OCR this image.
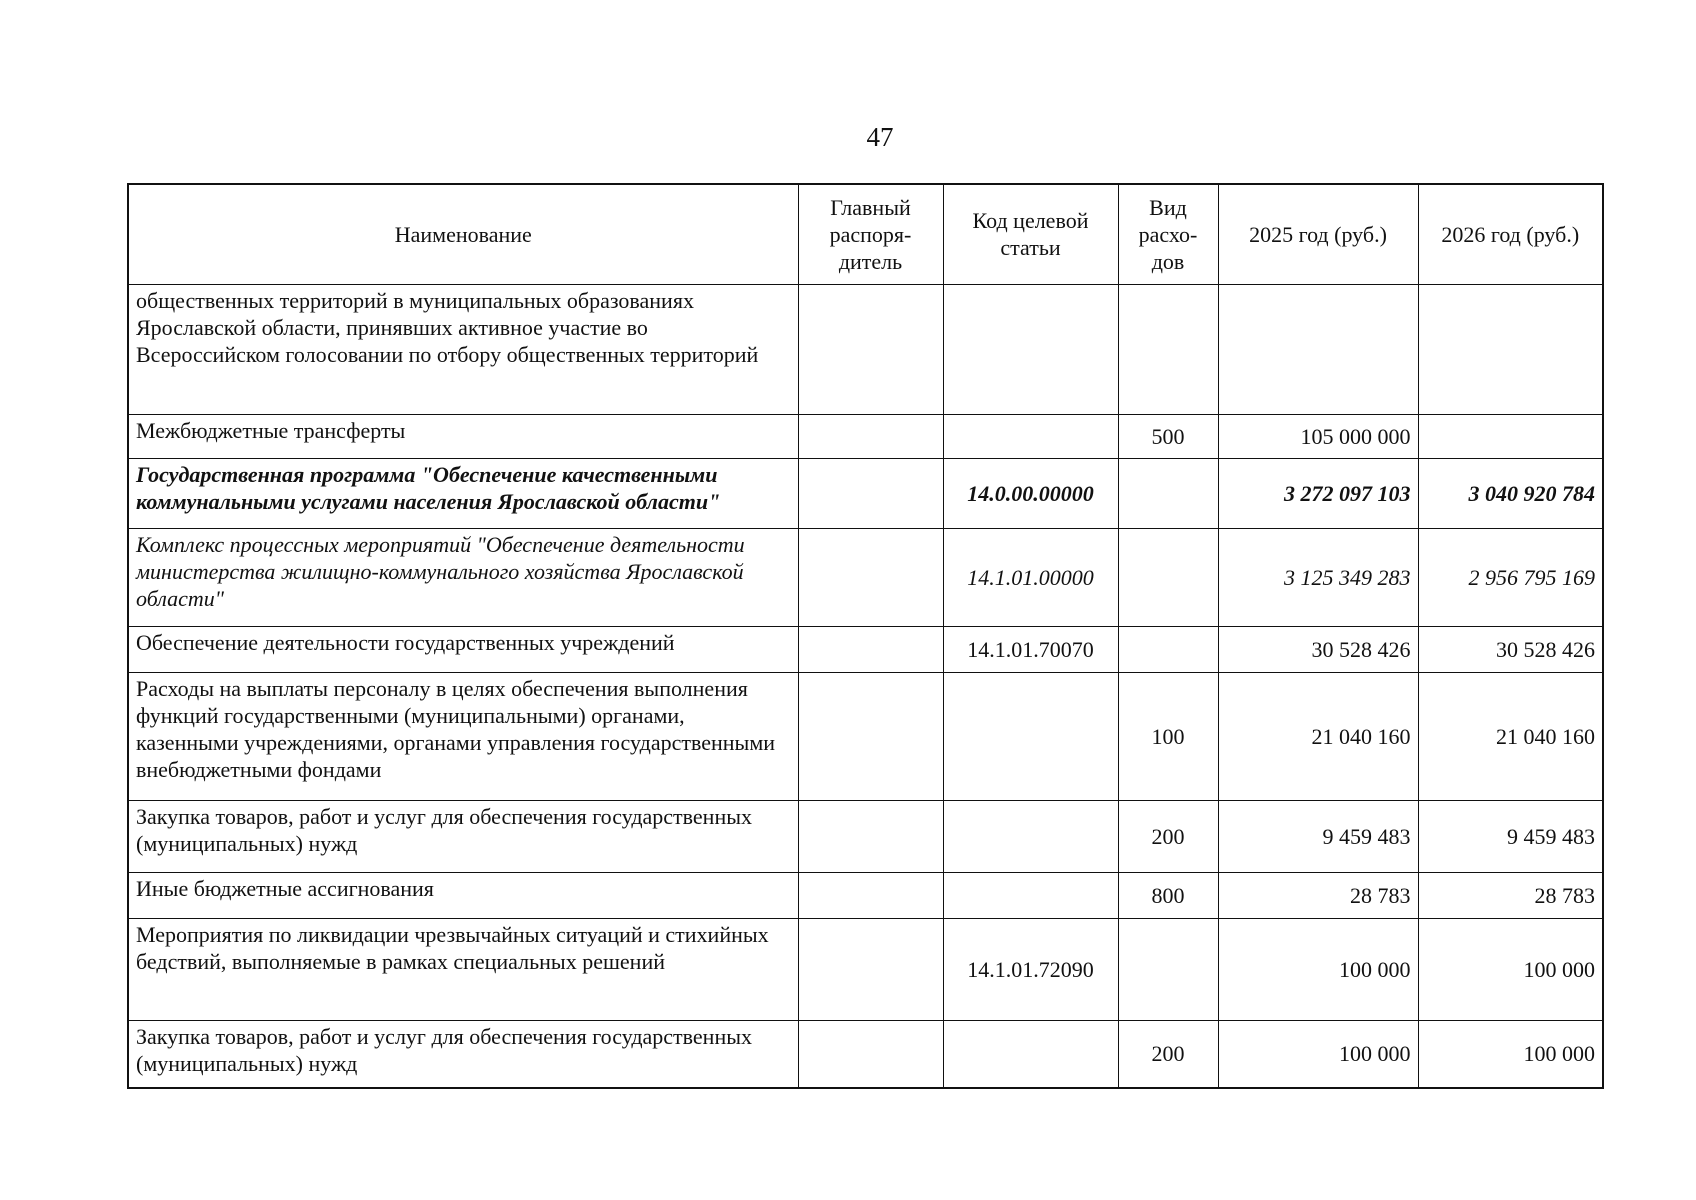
47
Наименование	Главный распоря-дитель	Код целевой статьи	Вид расхо-дов	2025 год (руб.)	2026 год (руб.)
общественных территорий в муниципальных образованиях Ярославской области, принявших активное участие во Всероссийском голосовании по отбору общественных территорий					
Межбюджетные трансферты			500	105 000 000	
Государственная программа "Обеспечение качественными коммунальными услугами населения Ярославской области"		14.0.00.00000		3 272 097 103	3 040 920 784
Комплекс процессных мероприятий "Обеспечение деятельности министерства жилищно-коммунального хозяйства Ярославской области"		14.1.01.00000		3 125 349 283	2 956 795 169
Обеспечение деятельности государственных учреждений		14.1.01.70070		30 528 426	30 528 426
Расходы на выплаты персоналу в целях обеспечения выполнения функций государственными (муниципальными) органами, казенными учреждениями, органами управления государственными внебюджетными фондами			100	21 040 160	21 040 160
Закупка товаров, работ и услуг для обеспечения государственных (муниципальных) нужд			200	9 459 483	9 459 483
Иные бюджетные ассигнования			800	28 783	28 783
Мероприятия по ликвидации чрезвычайных ситуаций и стихийных бедствий, выполняемые в рамках специальных решений		14.1.01.72090		100 000	100 000
Закупка товаров, работ и услуг для обеспечения государственных (муниципальных) нужд			200	100 000	100 000
